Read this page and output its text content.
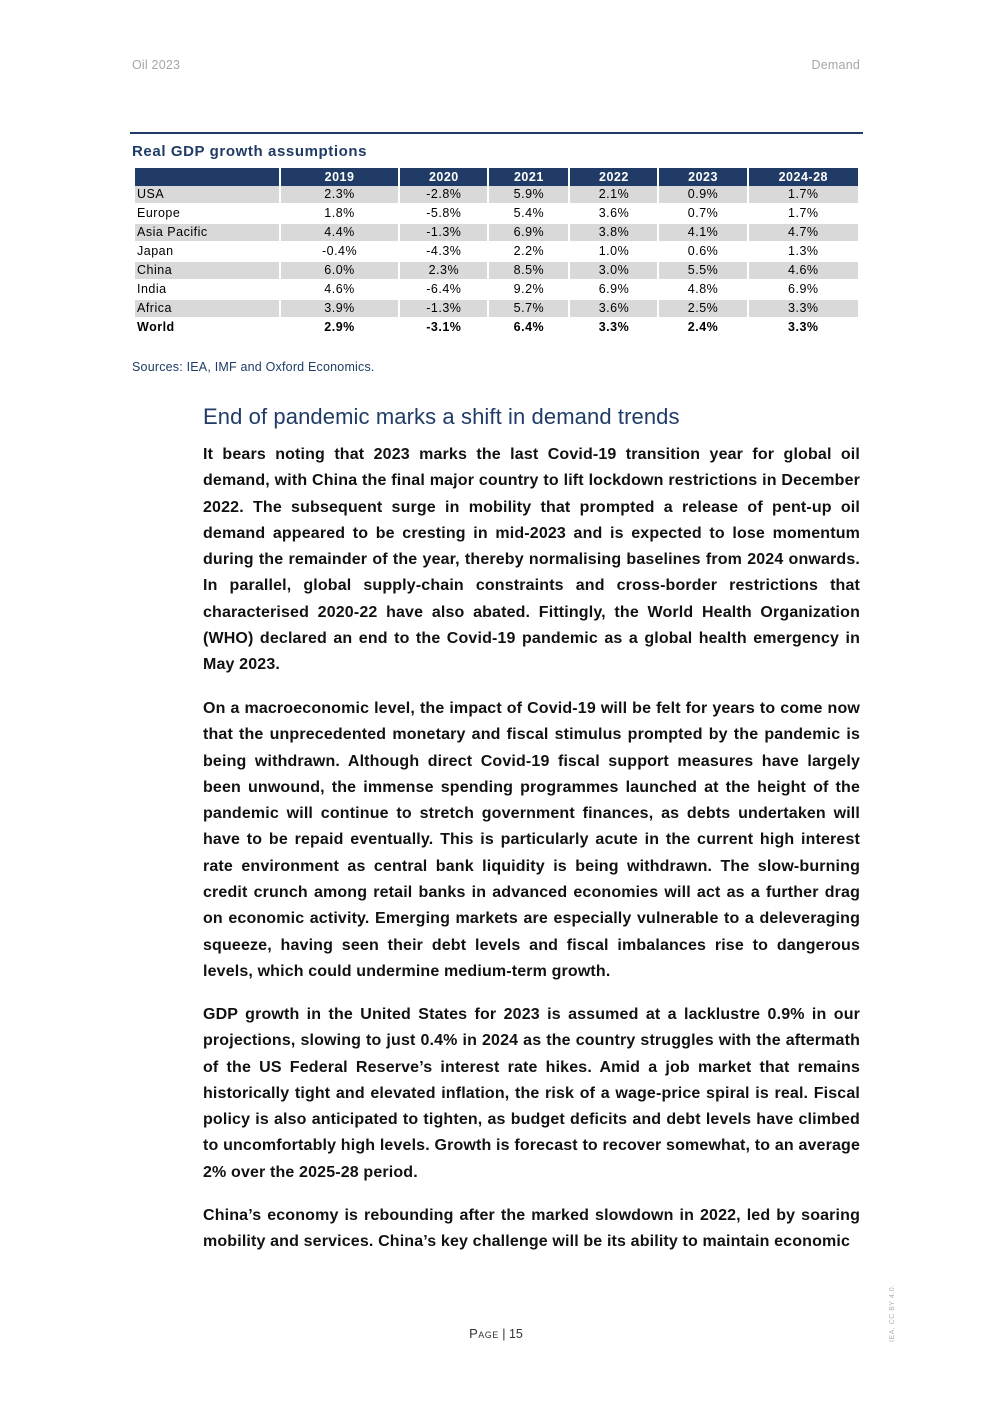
Oil 2023	Demand
Real GDP growth assumptions
	2019	2020	2021	2022	2023	2024-28
USA	2.3%	-2.8%	5.9%	2.1%	0.9%	1.7%
Europe	1.8%	-5.8%	5.4%	3.6%	0.7%	1.7%
Asia Pacific	4.4%	-1.3%	6.9%	3.8%	4.1%	4.7%
Japan	-0.4%	-4.3%	2.2%	1.0%	0.6%	1.3%
China	6.0%	2.3%	8.5%	3.0%	5.5%	4.6%
India	4.6%	-6.4%	9.2%	6.9%	4.8%	6.9%
Africa	3.9%	-1.3%	5.7%	3.6%	2.5%	3.3%
World	2.9%	-3.1%	6.4%	3.3%	2.4%	3.3%
Sources: IEA, IMF and Oxford Economics.
End of pandemic marks a shift in demand trends

It bears noting that 2023 marks the last Covid-19 transition year for global oil demand, with China the final major country to lift lockdown restrictions in December 2022. The subsequent surge in mobility that prompted a release of pent-up oil demand appeared to be cresting in mid-2023 and is expected to lose momentum during the remainder of the year, thereby normalising baselines from 2024 onwards. In parallel, global supply-chain constraints and cross-border restrictions that characterised 2020-22 have also abated. Fittingly, the World Health Organization (WHO) declared an end to the Covid-19 pandemic as a global health emergency in May 2023.

On a macroeconomic level, the impact of Covid-19 will be felt for years to come now that the unprecedented monetary and fiscal stimulus prompted by the pandemic is being withdrawn. Although direct Covid-19 fiscal support measures have largely been unwound, the immense spending programmes launched at the height of the pandemic will continue to stretch government finances, as debts undertaken will have to be repaid eventually. This is particularly acute in the current high interest rate environment as central bank liquidity is being withdrawn. The slow-burning credit crunch among retail banks in advanced economies will act as a further drag on economic activity. Emerging markets are especially vulnerable to a deleveraging squeeze, having seen their debt levels and fiscal imbalances rise to dangerous levels, which could undermine medium-term growth.

GDP growth in the United States for 2023 is assumed at a lacklustre 0.9% in our projections, slowing to just 0.4% in 2024 as the country struggles with the aftermath of the US Federal Reserve’s interest rate hikes. Amid a job market that remains historically tight and elevated inflation, the risk of a wage-price spiral is real. Fiscal policy is also anticipated to tighten, as budget deficits and debt levels have climbed to uncomfortably high levels. Growth is forecast to recover somewhat, to an average 2% over the 2025-28 period.

China’s economy is rebounding after the marked slowdown in 2022, led by soaring mobility and services. China’s key challenge will be its ability to maintain economic

IEA. CC BY 4.0.
Page | 15
